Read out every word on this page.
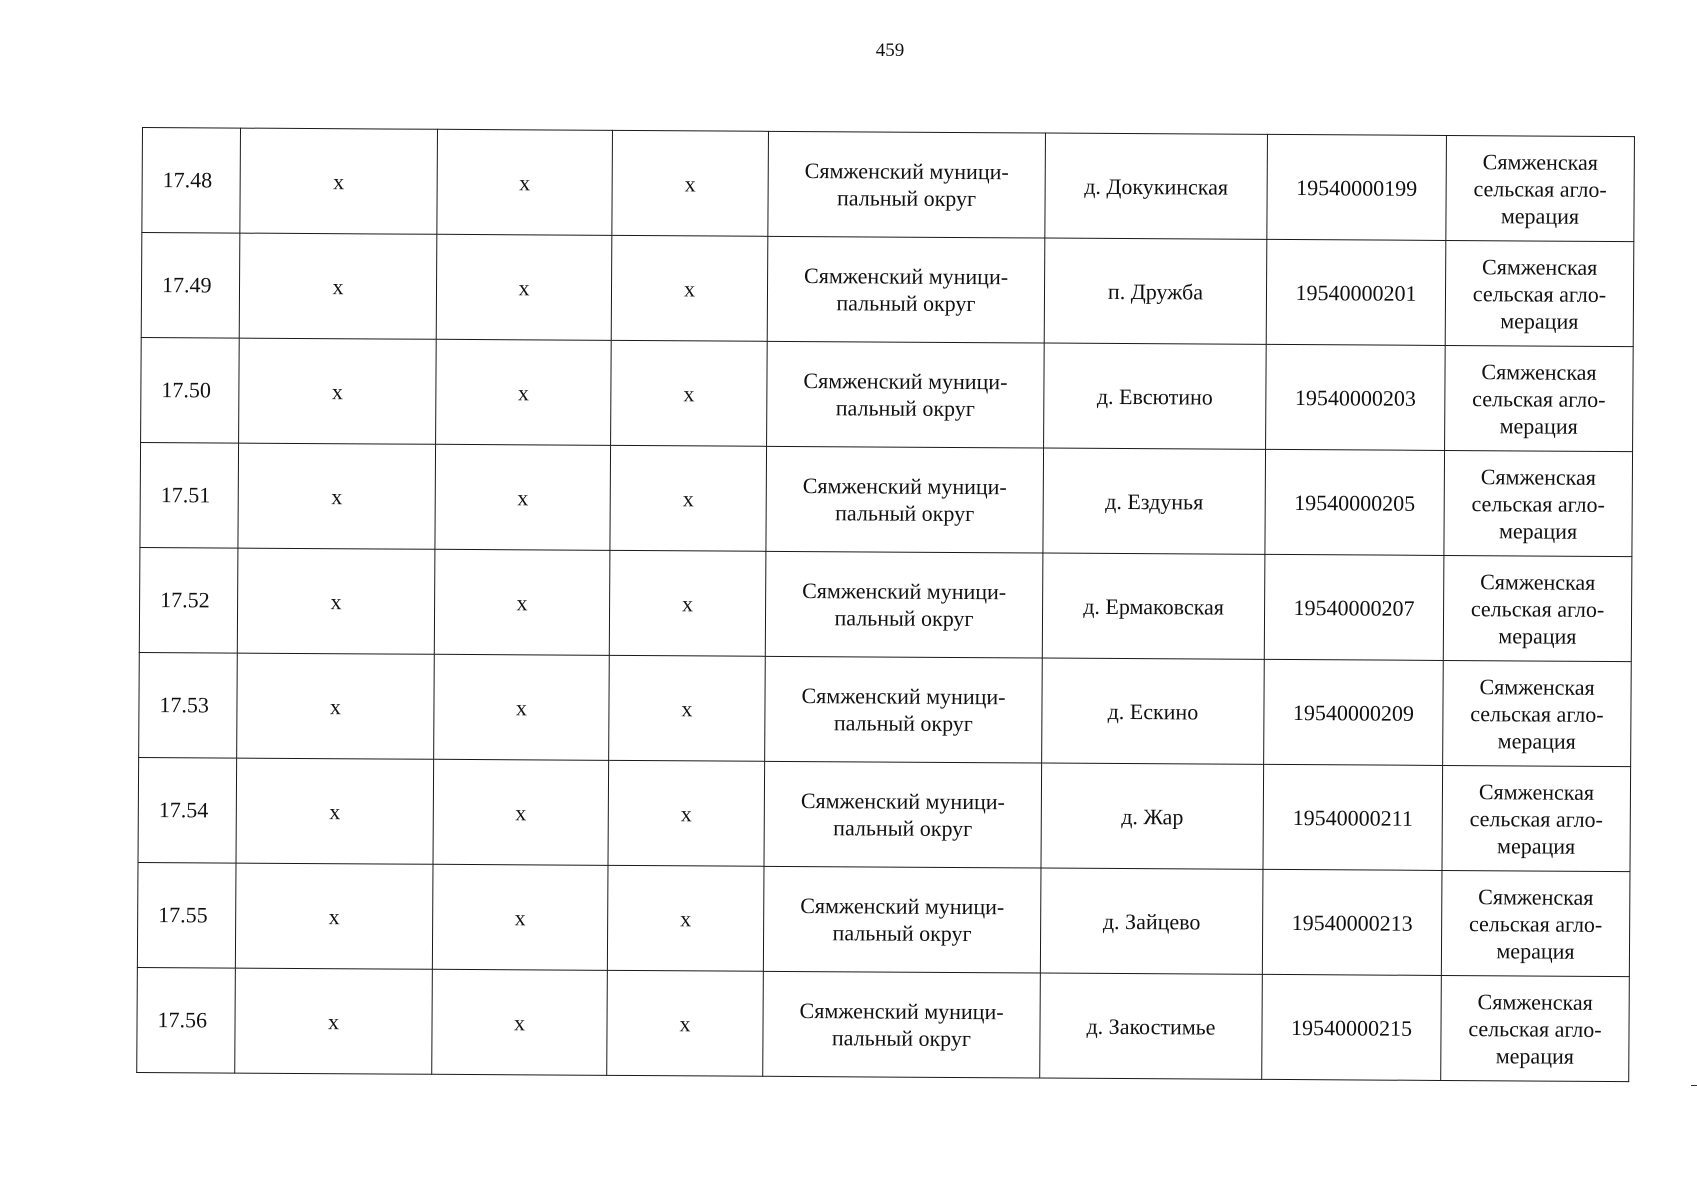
459
17.48	х	х	х	Сямженский муници-пальный округ	д. Докукинская	19540000199	Сямженская сельская агло-мерация
17.49	х	х	х	Сямженский муници-пальный округ	п. Дружба	19540000201	Сямженская сельская агло-мерация
17.50	х	х	х	Сямженский муници-пальный округ	д. Евсютино	19540000203	Сямженская сельская агло-мерация
17.51	х	х	х	Сямженский муници-пальный округ	д. Ездунья	19540000205	Сямженская сельская агло-мерация
17.52	х	х	х	Сямженский муници-пальный округ	д. Ермаковская	19540000207	Сямженская сельская агло-мерация
17.53	х	х	х	Сямженский муници-пальный округ	д. Ескино	19540000209	Сямженская сельская агло-мерация
17.54	х	х	х	Сямженский муници-пальный округ	д. Жар	19540000211	Сямженская сельская агло-мерация
17.55	х	х	х	Сямженский муници-пальный округ	д. Зайцево	19540000213	Сямженская сельская агло-мерация
17.56	х	х	х	Сямженский муници-пальный округ	д. Закостимье	19540000215	Сямженская сельская агло-мерация
